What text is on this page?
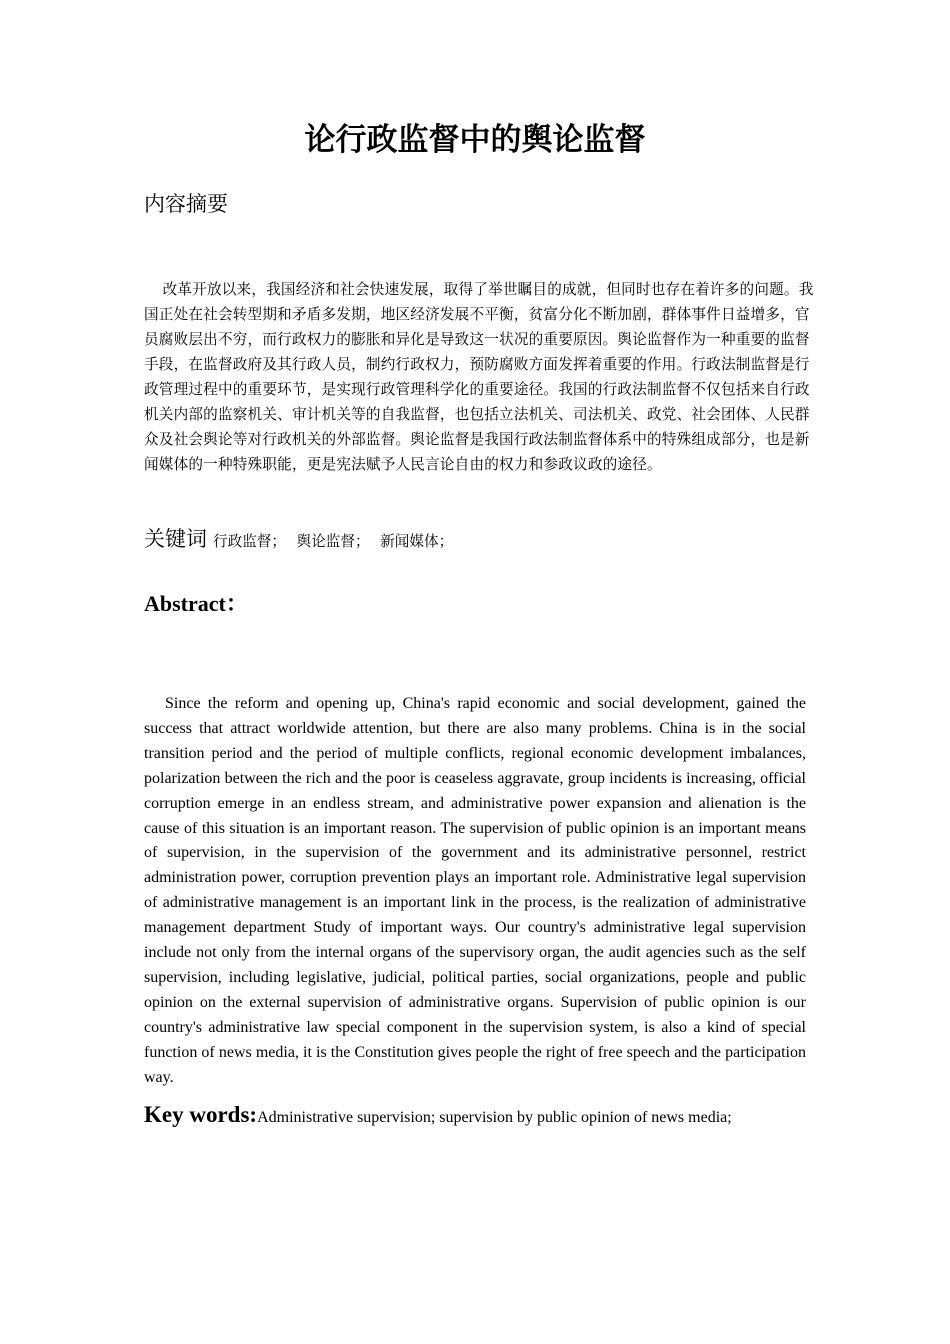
论行政监督中的舆论监督
内容摘要

改革开放以来，我国经济和社会快速发展，取得了举世瞩目的成就，但同时也存在着许多的问题。我国正处在社会转型期和矛盾多发期，地区经济发展不平衡，贫富分化不断加剧，群体事件日益增多，官员腐败层出不穷，而行政权力的膨胀和异化是导致这一状况的重要原因。舆论监督作为一种重要的监督手段，在监督政府及其行政人员，制约行政权力，预防腐败方面发挥着重要的作用。行政法制监督是行政管理过程中的重要环节，是实现行政管理科学化的重要途径。我国的行政法制监督不仅包括来自行政机关内部的监察机关、审计机关等的自我监督，也包括立法机关、司法机关、政党、社会团体、人民群众及社会舆论等对行政机关的外部监督。舆论监督是我国行政法制监督体系中的特殊组成部分，也是新闻媒体的一种特殊职能，更是宪法赋予人民言论自由的权力和参政议政的途径。

关键词 行政监督； 舆论监督； 新闻媒体；

Abstract：

Since the reform and opening up, China's rapid economic and social development, gained the success that attract worldwide attention, but there are also many problems. China is in the social transition period and the period of multiple conflicts, regional economic development imbalances, polarization between the rich and the poor is ceaseless aggravate, group incidents is increasing, official corruption emerge in an endless stream, and administrative power expansion and alienation is the cause of this situation is an important reason. The supervision of public opinion is an important means of supervision, in the supervision of the government and its administrative personnel, restrict administration power, corruption prevention plays an important role. Administrative legal supervision of administrative management is an important link in the process, is the realization of administrative management department Study of important ways. Our country's administrative legal supervision include not only from the internal organs of the supervisory organ, the audit agencies such as the self supervision, including legislative, judicial, political parties, social organizations, people and public opinion on the external supervision of administrative organs. Supervision of public opinion is our country's administrative law special component in the supervision system, is also a kind of special function of news media, it is the Constitution gives people the right of free speech and the participation way.

Key words:Administrative supervision; supervision by public opinion of news media;
